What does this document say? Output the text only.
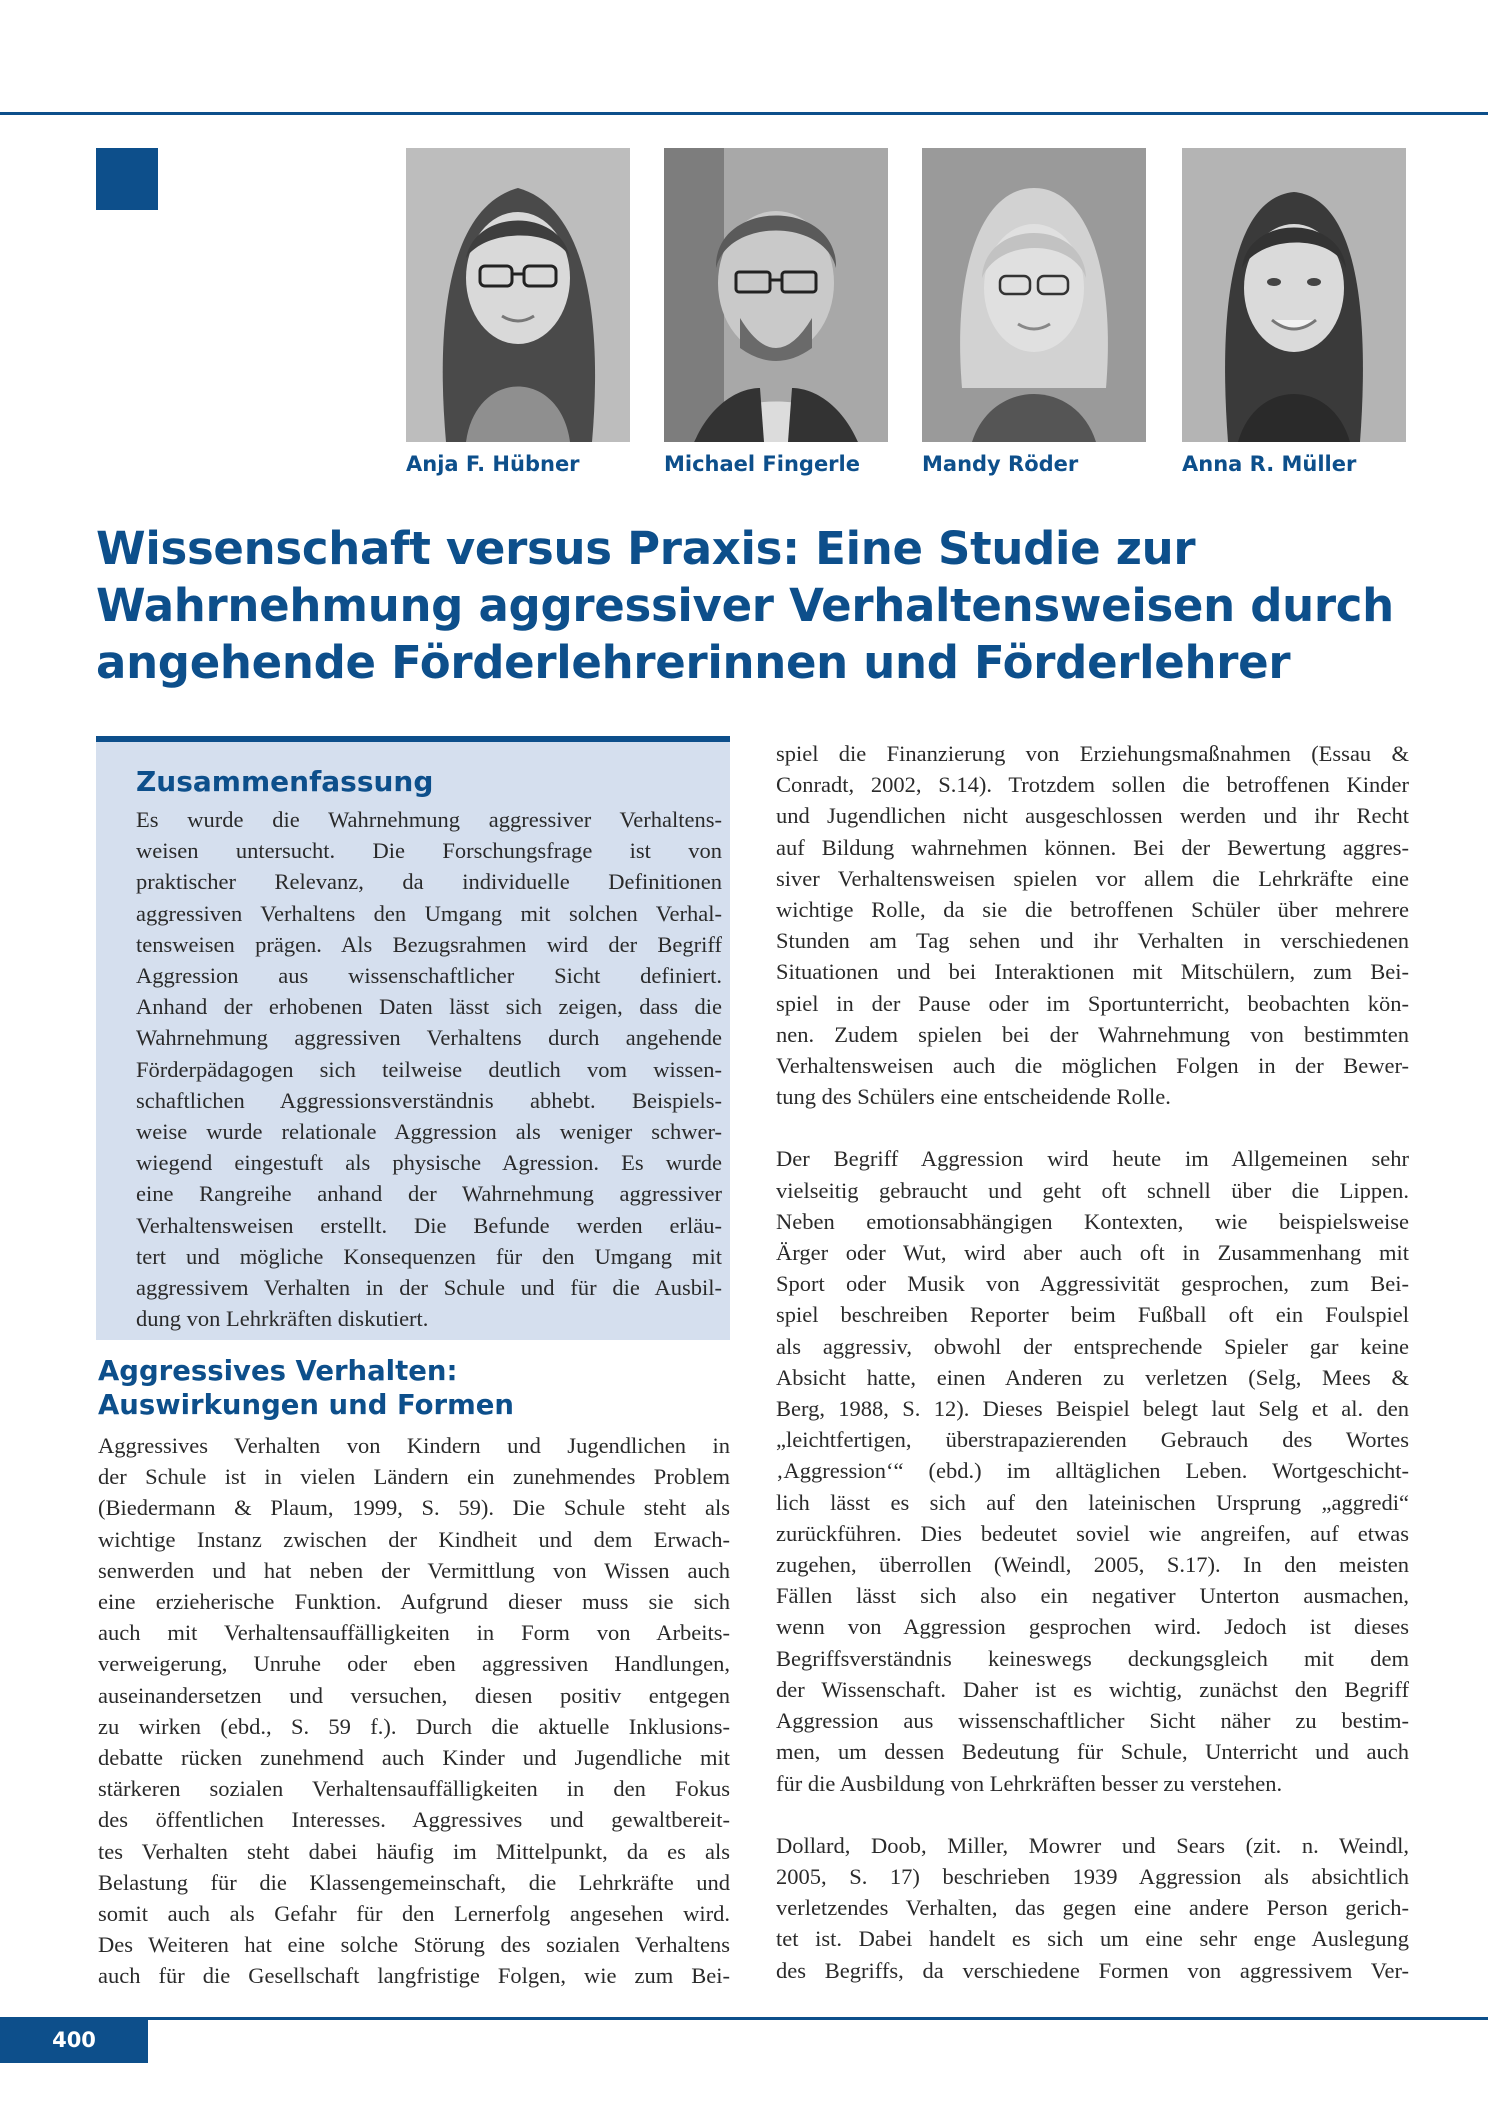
Anja F. Hübner	Michael Fingerle	Mandy Röder	Anna R. Müller
Wissenschaft versus Praxis: Eine Studie zur
Wahrnehmung aggressiver Verhaltensweisen durch
angehende Förderlehrerinnen und Förderlehrer
Zusammenfassung
Es wurde die Wahrnehmung aggressiver Verhaltens-
weisen untersucht. Die Forschungsfrage ist von
praktischer Relevanz, da individuelle Definitionen
aggressiven Verhaltens den Umgang mit solchen Verhal-
tensweisen prägen. Als Bezugsrahmen wird der Begriff
Aggression aus wissenschaftlicher Sicht definiert.
Anhand der erhobenen Daten lässt sich zeigen, dass die
Wahrnehmung aggressiven Verhaltens durch angehende
Förderpädagogen sich teilweise deutlich vom wissen-
schaftlichen Aggressionsverständnis abhebt. Beispiels-
weise wurde relationale Aggression als weniger schwer-
wiegend eingestuft als physische Agression. Es wurde
eine Rangreihe anhand der Wahrnehmung aggressiver
Verhaltensweisen erstellt. Die Befunde werden erläu-
tert und mögliche Konsequenzen für den Umgang mit
aggressivem Verhalten in der Schule und für die Ausbil-
dung von Lehrkräften diskutiert.
Aggressives Verhalten:
Auswirkungen und Formen
Aggressives Verhalten von Kindern und Jugendlichen in
der Schule ist in vielen Ländern ein zunehmendes Problem
(Biedermann & Plaum, 1999, S. 59). Die Schule steht als
wichtige Instanz zwischen der Kindheit und dem Erwach-
senwerden und hat neben der Vermittlung von Wissen auch
eine erzieherische Funktion. Aufgrund dieser muss sie sich
auch mit Verhaltensauffälligkeiten in Form von Arbeits-
verweigerung, Unruhe oder eben aggressiven Handlungen,
auseinandersetzen und versuchen, diesen positiv entgegen
zu wirken (ebd., S. 59 f.). Durch die aktuelle Inklusions-
debatte rücken zunehmend auch Kinder und Jugendliche mit
stärkeren sozialen Verhaltensauffälligkeiten in den Fokus
des öffentlichen Interesses. Aggressives und gewaltbereit-
tes Verhalten steht dabei häufig im Mittelpunkt, da es als
Belastung für die Klassengemeinschaft, die Lehrkräfte und
somit auch als Gefahr für den Lernerfolg angesehen wird.
Des Weiteren hat eine solche Störung des sozialen Verhaltens
auch für die Gesellschaft langfristige Folgen, wie zum Bei-
spiel die Finanzierung von Erziehungsmaßnahmen (Essau &
Conradt, 2002, S.14). Trotzdem sollen die betroffenen Kinder
und Jugendlichen nicht ausgeschlossen werden und ihr Recht
auf Bildung wahrnehmen können. Bei der Bewertung aggres-
siver Verhaltensweisen spielen vor allem die Lehrkräfte eine
wichtige Rolle, da sie die betroffenen Schüler über mehrere
Stunden am Tag sehen und ihr Verhalten in verschiedenen
Situationen und bei Interaktionen mit Mitschülern, zum Bei-
spiel in der Pause oder im Sportunterricht, beobachten kön-
nen. Zudem spielen bei der Wahrnehmung von bestimmten
Verhaltensweisen auch die möglichen Folgen in der Bewer-
tung des Schülers eine entscheidende Rolle.
Der Begriff Aggression wird heute im Allgemeinen sehr
vielseitig gebraucht und geht oft schnell über die Lippen.
Neben emotionsabhängigen Kontexten, wie beispielsweise
Ärger oder Wut, wird aber auch oft in Zusammenhang mit
Sport oder Musik von Aggressivität gesprochen, zum Bei-
spiel beschreiben Reporter beim Fußball oft ein Foulspiel
als aggressiv, obwohl der entsprechende Spieler gar keine
Absicht hatte, einen Anderen zu verletzen (Selg, Mees &
Berg, 1988, S. 12). Dieses Beispiel belegt laut Selg et al. den
„leichtfertigen, überstrapazierenden Gebrauch des Wortes
‚Aggression‘“ (ebd.) im alltäglichen Leben. Wortgeschicht-
lich lässt es sich auf den lateinischen Ursprung „aggredi“
zurückführen. Dies bedeutet soviel wie angreifen, auf etwas
zugehen, überrollen (Weindl, 2005, S.17). In den meisten
Fällen lässt sich also ein negativer Unterton ausmachen,
wenn von Aggression gesprochen wird. Jedoch ist dieses
Begriffsverständnis keineswegs deckungsgleich mit dem
der Wissenschaft. Daher ist es wichtig, zunächst den Begriff
Aggression aus wissenschaftlicher Sicht näher zu bestim-
men, um dessen Bedeutung für Schule, Unterricht und auch
für die Ausbildung von Lehrkräften besser zu verstehen.
Dollard, Doob, Miller, Mowrer und Sears (zit. n. Weindl,
2005, S. 17) beschrieben 1939 Aggression als absichtlich
verletzendes Verhalten, das gegen eine andere Person gerich-
tet ist. Dabei handelt es sich um eine sehr enge Auslegung
des Begriffs, da verschiedene Formen von aggressivem Ver-
400
